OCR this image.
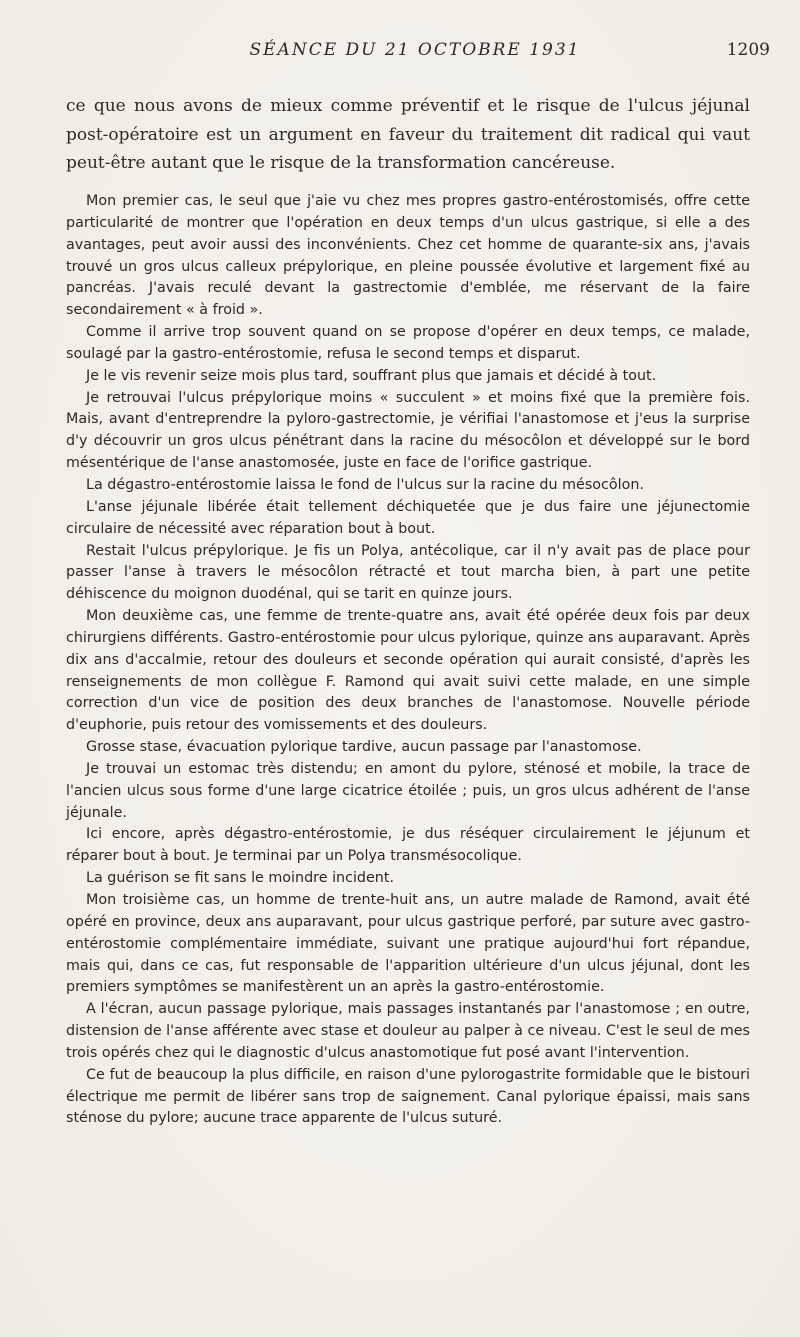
SÉANCE DU 21 OCTOBRE 1931	1209

ce que nous avons de mieux comme préventif et le risque de l'ulcus jéjunal post-opératoire est un argument en faveur du traitement dit radical qui vaut peut-être autant que le risque de la transformation cancéreuse.

Mon premier cas, le seul que j'aie vu chez mes propres gastro-entérostomisés, offre cette particularité de montrer que l'opération en deux temps d'un ulcus gastrique, si elle a des avantages, peut avoir aussi des inconvénients. Chez cet homme de quarante-six ans, j'avais trouvé un gros ulcus calleux prépylorique, en pleine poussée évolutive et largement fixé au pancréas. J'avais reculé devant la gastrectomie d'emblée, me réservant de la faire secondairement « à froid ».

Comme il arrive trop souvent quand on se propose d'opérer en deux temps, ce malade, soulagé par la gastro-entérostomie, refusa le second temps et disparut.

Je le vis revenir seize mois plus tard, souffrant plus que jamais et décidé à tout.

Je retrouvai l'ulcus prépylorique moins « succulent » et moins fixé que la première fois. Mais, avant d'entreprendre la pyloro-gastrectomie, je vérifiai l'anastomose et j'eus la surprise d'y découvrir un gros ulcus pénétrant dans la racine du mésocôlon et développé sur le bord mésentérique de l'anse anastomosée, juste en face de l'orifice gastrique.

La dégastro-entérostomie laissa le fond de l'ulcus sur la racine du mésocôlon.

L'anse jéjunale libérée était tellement déchiquetée que je dus faire une jéjunectomie circulaire de nécessité avec réparation bout à bout.

Restait l'ulcus prépylorique. Je fis un Polya, antécolique, car il n'y avait pas de place pour passer l'anse à travers le mésocôlon rétracté et tout marcha bien, à part une petite déhiscence du moignon duodénal, qui se tarit en quinze jours.

Mon deuxième cas, une femme de trente-quatre ans, avait été opérée deux fois par deux chirurgiens différents. Gastro-entérostomie pour ulcus pylorique, quinze ans auparavant. Après dix ans d'accalmie, retour des douleurs et seconde opération qui aurait consisté, d'après les renseignements de mon collègue F. Ramond qui avait suivi cette malade, en une simple correction d'un vice de position des deux branches de l'anastomose. Nouvelle période d'euphorie, puis retour des vomissements et des douleurs.

Grosse stase, évacuation pylorique tardive, aucun passage par l'anastomose.

Je trouvai un estomac très distendu; en amont du pylore, sténosé et mobile, la trace de l'ancien ulcus sous forme d'une large cicatrice étoilée ; puis, un gros ulcus adhérent de l'anse jéjunale.

Ici encore, après dégastro-entérostomie, je dus réséquer circulairement le jéjunum et réparer bout à bout. Je terminai par un Polya transmésocolique.

La guérison se fit sans le moindre incident.

Mon troisième cas, un homme de trente-huit ans, un autre malade de Ramond, avait été opéré en province, deux ans auparavant, pour ulcus gastrique perforé, par suture avec gastro-entérostomie complémentaire immédiate, suivant une pratique aujourd'hui fort répandue, mais qui, dans ce cas, fut responsable de l'apparition ultérieure d'un ulcus jéjunal, dont les premiers symptômes se manifestèrent un an après la gastro-entérostomie.

A l'écran, aucun passage pylorique, mais passages instantanés par l'anastomose ; en outre, distension de l'anse afférente avec stase et douleur au palper à ce niveau. C'est le seul de mes trois opérés chez qui le diagnostic d'ulcus anastomotique fut posé avant l'intervention.

Ce fut de beaucoup la plus difficile, en raison d'une pylorogastrite formidable que le bistouri électrique me permit de libérer sans trop de saignement. Canal pylorique épaissi, mais sans sténose du pylore; aucune trace apparente de l'ulcus suturé.
